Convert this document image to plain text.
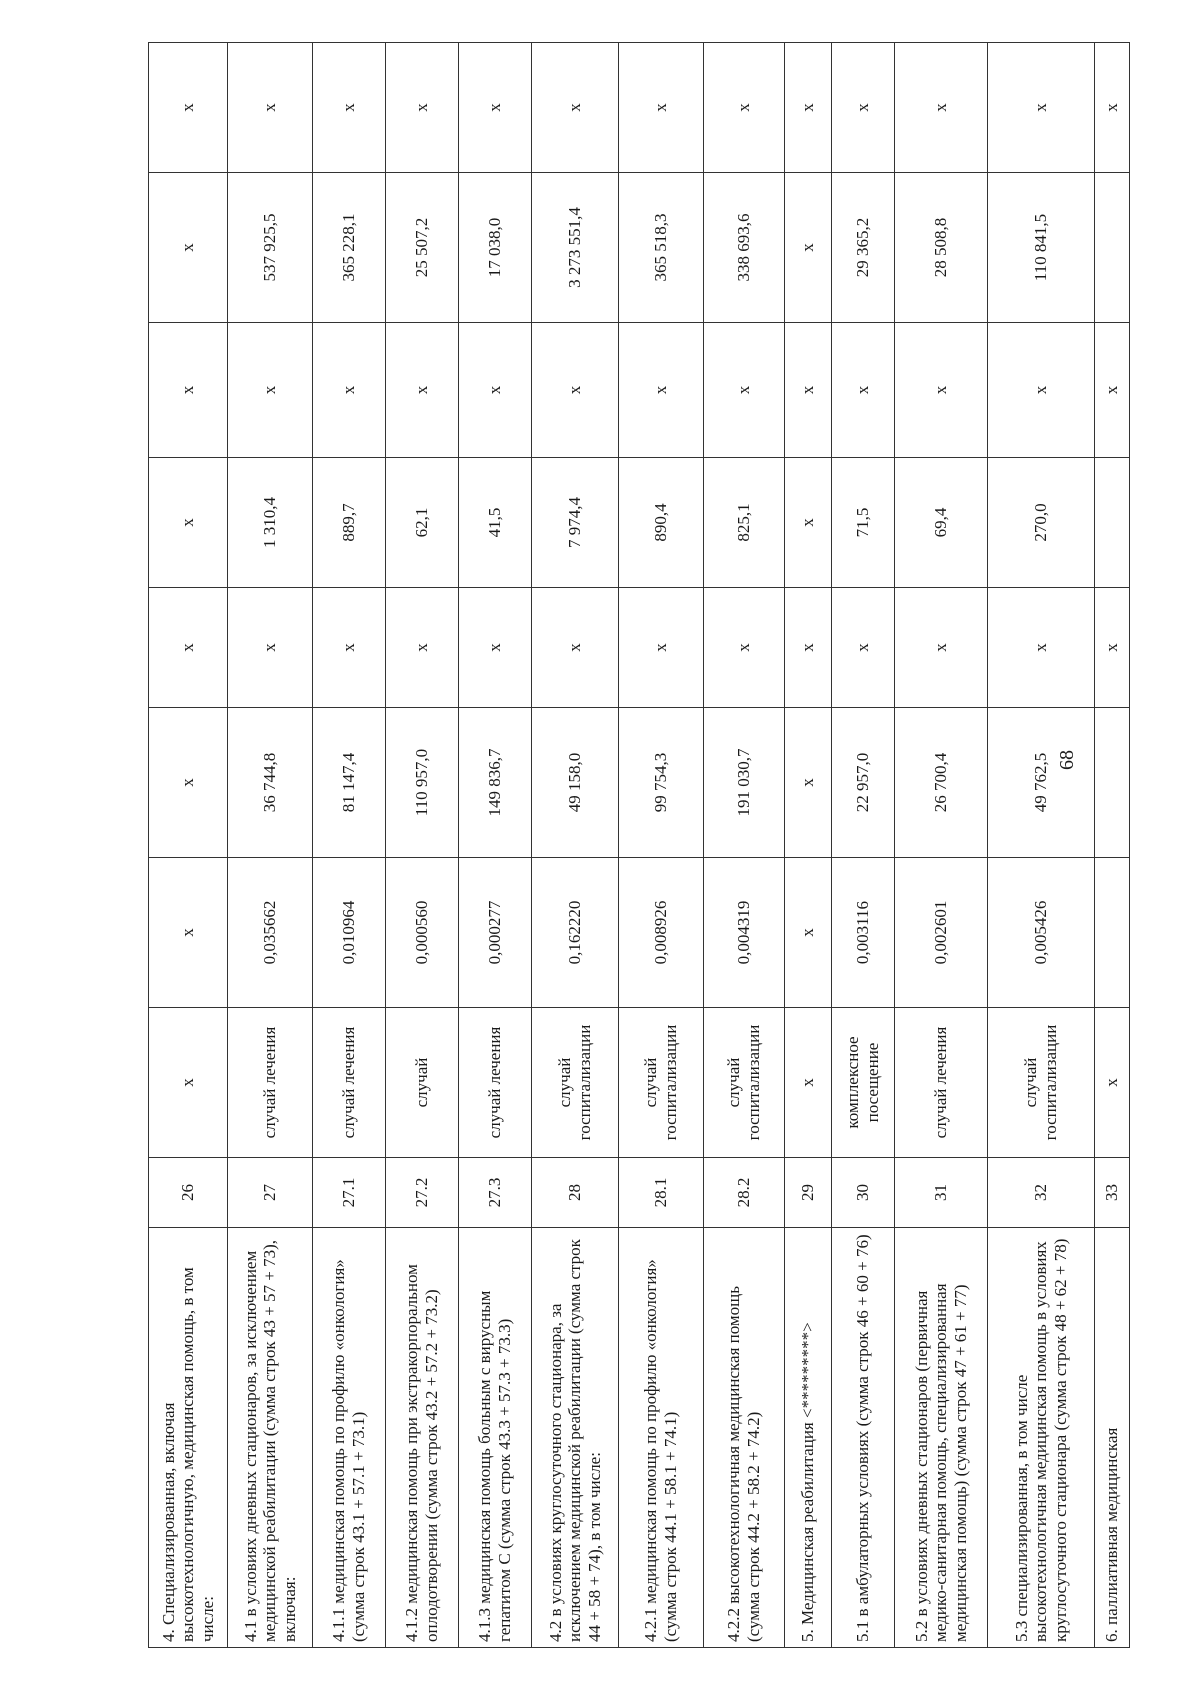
4. Специализированная, включая высокотехнологичную, медицинская помощь, в том числе:	26	х	х	х	х	х	х	х	х
4.1 в условиях дневных стационаров, за исключением медицинской реабилитации (сумма строк 43 + 57 + 73), включая:	27	случай лечения	0,035662	36 744,8	х	1 310,4	х	537 925,5	х
4.1.1 медицинская помощь по профилю «онкология» (сумма строк 43.1 + 57.1 + 73.1)	27.1	случай лечения	0,010964	81 147,4	х	889,7	х	365 228,1	х
4.1.2 медицинская помощь при экстракорпоральном оплодотворении (сумма строк 43.2 + 57.2 + 73.2)	27.2	случай	0,000560	110 957,0	х	62,1	х	25 507,2	х
4.1.3 медицинская помощь больным с вирусным гепатитом С (сумма строк 43.3 + 57.3 + 73.3)	27.3	случай лечения	0,000277	149 836,7	х	41,5	х	17 038,0	х
4.2 в условиях круглосуточного стационара, за исключением медицинской реабилитации (сумма строк 44 + 58 + 74), в том числе:	28	случай госпитализации	0,162220	49 158,0	х	7 974,4	х	3 273 551,4	х
4.2.1 медицинская помощь по профилю «онкология» (сумма строк 44.1 + 58.1 + 74.1)	28.1	случай госпитализации	0,008926	99 754,3	х	890,4	х	365 518,3	х
4.2.2 высокотехнологичная медицинская помощь (сумма строк 44.2 + 58.2 + 74.2)	28.2	случай госпитализации	0,004319	191 030,7	х	825,1	х	338 693,6	х
5. Медицинская реабилитация <*********>	29	х	х	х	х	х	х	х	х
5.1 в амбулаторных условиях (сумма строк 46 + 60 + 76)	30	комплексное посещение	0,003116	22 957,0	х	71,5	х	29 365,2	х
5.2 в условиях дневных стационаров (первичная медико-санитарная помощь, специализированная медицинская помощь) (сумма строк 47 + 61 + 77)	31	случай лечения	0,002601	26 700,4	х	69,4	х	28 508,8	х
5.3 специализированная, в том числе высокотехнологичная медицинская помощь в условиях круглосуточного стационара (сумма строк 48 + 62 + 78)	32	случай госпитализации	0,005426	49 762,5	х	270,0	х	110 841,5	х
6. паллиативная медицинская	33	х			х		х		х
68
